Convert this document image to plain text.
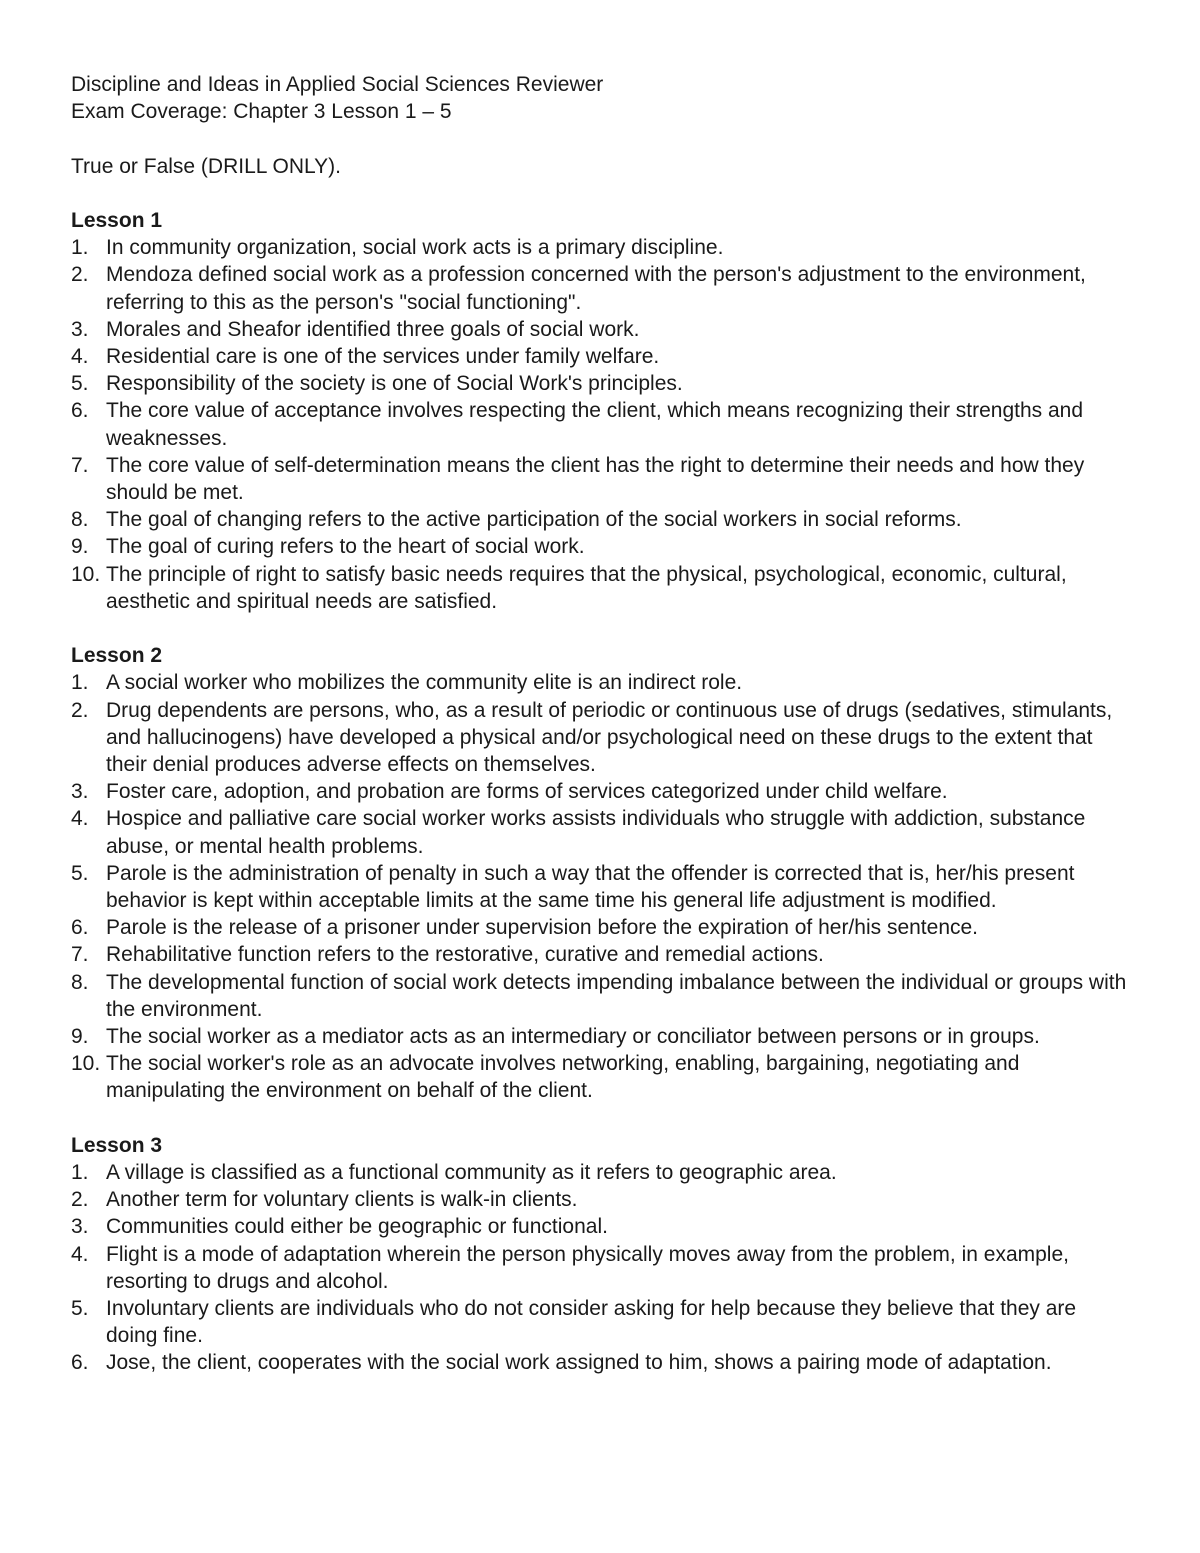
Discipline and Ideas in Applied Social Sciences Reviewer
Exam Coverage: Chapter 3 Lesson 1 – 5
True or False (DRILL ONLY).
Lesson 1
1. In community organization, social work acts is a primary discipline.
2. Mendoza defined social work as a profession concerned with the person's adjustment to the environment, referring to this as the person's "social functioning".
3. Morales and Sheafor identified three goals of social work.
4. Residential care is one of the services under family welfare.
5. Responsibility of the society is one of Social Work's principles.
6. The core value of acceptance involves respecting the client, which means recognizing their strengths and weaknesses.
7. The core value of self-determination means the client has the right to determine their needs and how they should be met.
8. The goal of changing refers to the active participation of the social workers in social reforms.
9. The goal of curing refers to the heart of social work.
10. The principle of right to satisfy basic needs requires that the physical, psychological, economic, cultural, aesthetic and spiritual needs are satisfied.
Lesson 2
1. A social worker who mobilizes the community elite is an indirect role.
2. Drug dependents are persons, who, as a result of periodic or continuous use of drugs (sedatives, stimulants, and hallucinogens) have developed a physical and/or psychological need on these drugs to the extent that their denial produces adverse effects on themselves.
3. Foster care, adoption, and probation are forms of services categorized under child welfare.
4. Hospice and palliative care social worker works assists individuals who struggle with addiction, substance abuse, or mental health problems.
5. Parole is the administration of penalty in such a way that the offender is corrected that is, her/his present behavior is kept within acceptable limits at the same time his general life adjustment is modified.
6. Parole is the release of a prisoner under supervision before the expiration of her/his sentence.
7. Rehabilitative function refers to the restorative, curative and remedial actions.
8. The developmental function of social work detects impending imbalance between the individual or groups with the environment.
9. The social worker as a mediator acts as an intermediary or conciliator between persons or in groups.
10. The social worker's role as an advocate involves networking, enabling, bargaining, negotiating and manipulating the environment on behalf of the client.
Lesson 3
1. A village is classified as a functional community as it refers to geographic area.
2. Another term for voluntary clients is walk-in clients.
3. Communities could either be geographic or functional.
4. Flight is a mode of adaptation wherein the person physically moves away from the problem, in example, resorting to drugs and alcohol.
5. Involuntary clients are individuals who do not consider asking for help because they believe that they are doing fine.
6. Jose, the client, cooperates with the social work assigned to him, shows a pairing mode of adaptation.
